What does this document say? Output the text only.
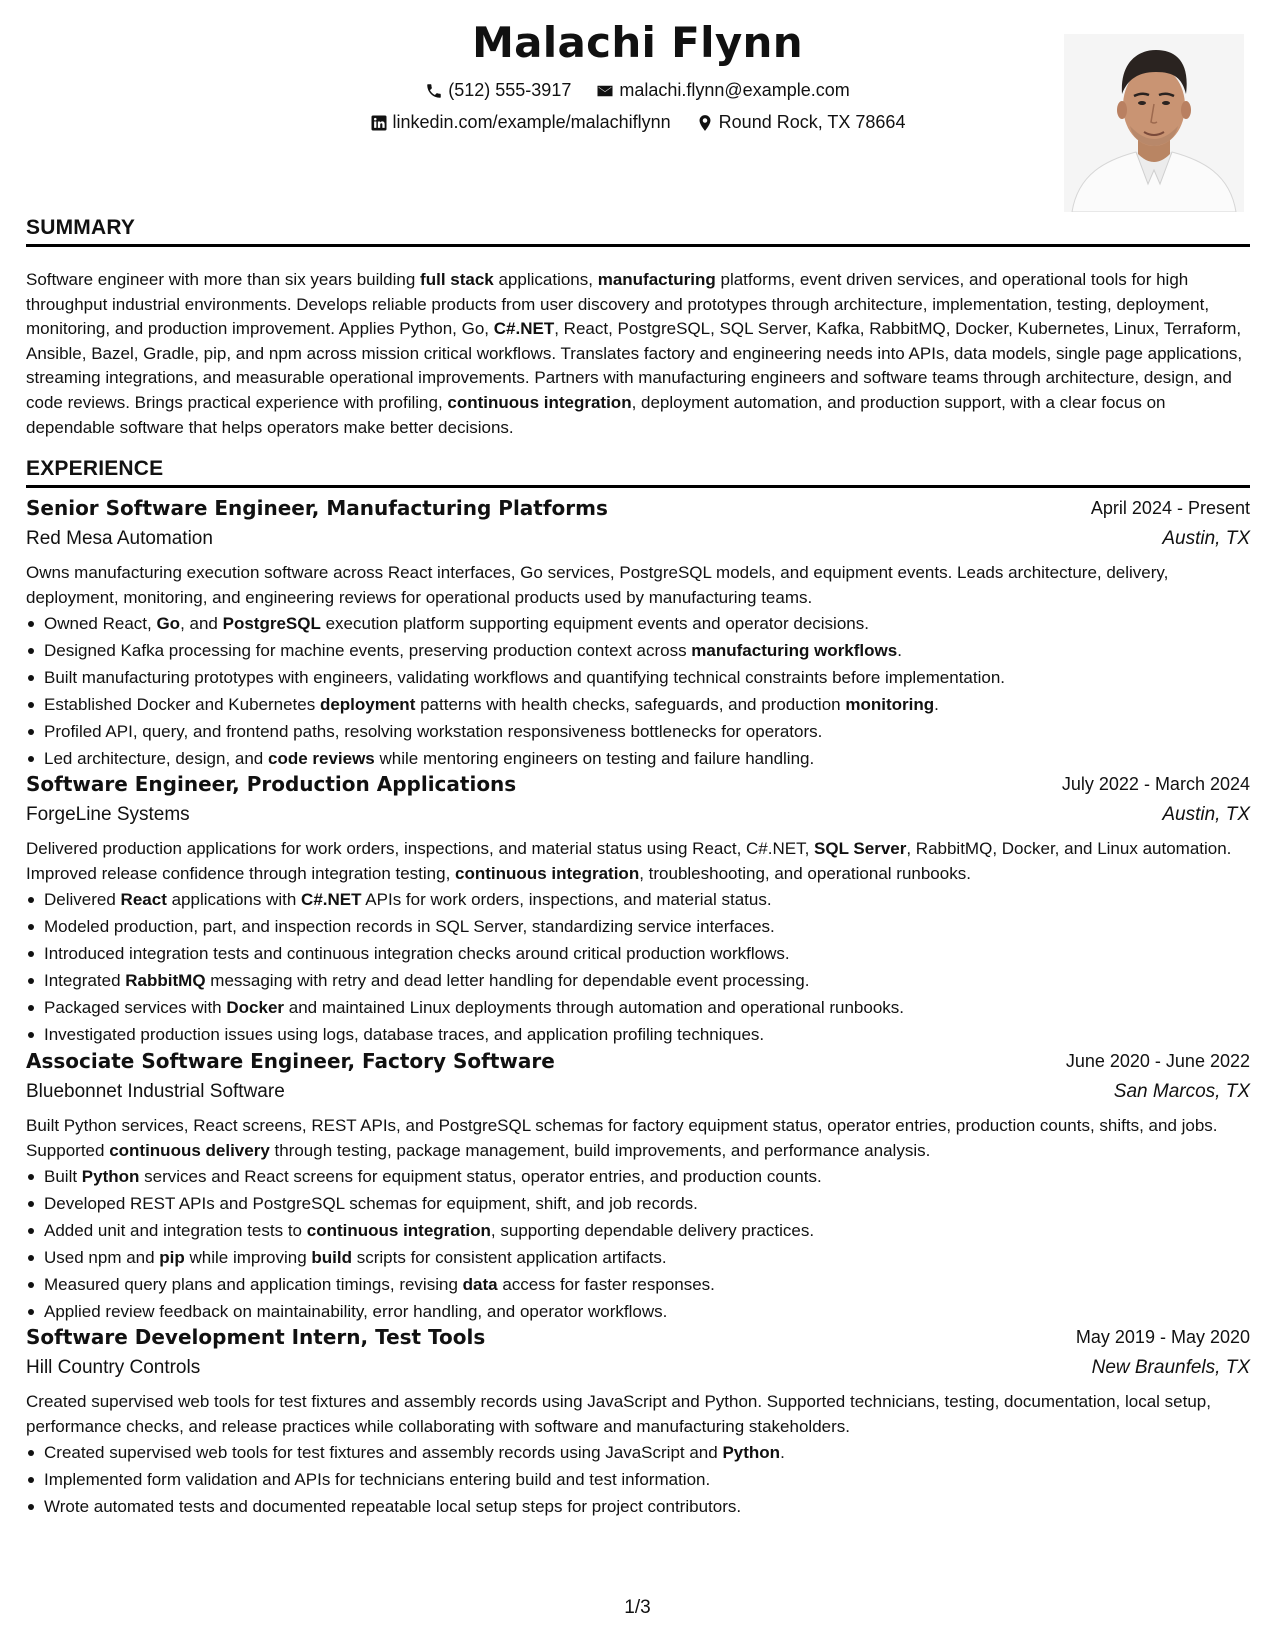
Malachi Flynn
(512) 555-3917
	malachi.flynn@example.com
linkedin.com/example/malachiflynn
	Round Rock, TX 78664
SUMMARY
Software engineer with more than six years building full stack applications, manufacturing platforms, event driven services, and operational tools for high throughput industrial environments. Develops reliable products from user discovery and prototypes through architecture, implementation, testing, deployment, monitoring, and production improvement. Applies Python, Go, C#.NET, React, PostgreSQL, SQL Server, Kafka, RabbitMQ, Docker, Kubernetes, Linux, Terraform, Ansible, Bazel, Gradle, pip, and npm across mission critical workflows. Translates factory and engineering needs into APIs, data models, single page applications, streaming integrations, and measurable operational improvements. Partners with manufacturing engineers and software teams through architecture, design, and code reviews. Brings practical experience with profiling, continuous integration, deployment automation, and production support, with a clear focus on dependable software that helps operators make better decisions.
EXPERIENCE
Senior Software Engineer, Manufacturing Platforms	April 2024 - Present
Red Mesa Automation	Austin, TX
Owns manufacturing execution software across React interfaces, Go services, PostgreSQL models, and equipment events. Leads architecture, delivery, deployment, monitoring, and engineering reviews for operational products used by manufacturing teams.
Owned React, Go, and PostgreSQL execution platform supporting equipment events and operator decisions.
Designed Kafka processing for machine events, preserving production context across manufacturing workflows.
Built manufacturing prototypes with engineers, validating workflows and quantifying technical constraints before implementation.
Established Docker and Kubernetes deployment patterns with health checks, safeguards, and production monitoring.
Profiled API, query, and frontend paths, resolving workstation responsiveness bottlenecks for operators.
Led architecture, design, and code reviews while mentoring engineers on testing and failure handling.
Software Engineer, Production Applications	July 2022 - March 2024
ForgeLine Systems	Austin, TX
Delivered production applications for work orders, inspections, and material status using React, C#.NET, SQL Server, RabbitMQ, Docker, and Linux automation. Improved release confidence through integration testing, continuous integration, troubleshooting, and operational runbooks.
Delivered React applications with C#.NET APIs for work orders, inspections, and material status.
Modeled production, part, and inspection records in SQL Server, standardizing service interfaces.
Introduced integration tests and continuous integration checks around critical production workflows.
Integrated RabbitMQ messaging with retry and dead letter handling for dependable event processing.
Packaged services with Docker and maintained Linux deployments through automation and operational runbooks.
Investigated production issues using logs, database traces, and application profiling techniques.
Associate Software Engineer, Factory Software	June 2020 - June 2022
Bluebonnet Industrial Software	San Marcos, TX
Built Python services, React screens, REST APIs, and PostgreSQL schemas for factory equipment status, operator entries, production counts, shifts, and jobs. Supported continuous delivery through testing, package management, build improvements, and performance analysis.
Built Python services and React screens for equipment status, operator entries, and production counts.
Developed REST APIs and PostgreSQL schemas for equipment, shift, and job records.
Added unit and integration tests to continuous integration, supporting dependable delivery practices.
Used npm and pip while improving build scripts for consistent application artifacts.
Measured query plans and application timings, revising data access for faster responses.
Applied review feedback on maintainability, error handling, and operator workflows.
Software Development Intern, Test Tools	May 2019 - May 2020
Hill Country Controls	New Braunfels, TX
Created supervised web tools for test fixtures and assembly records using JavaScript and Python. Supported technicians, testing, documentation, local setup, performance checks, and release practices while collaborating with software and manufacturing stakeholders.
Created supervised web tools for test fixtures and assembly records using JavaScript and Python.
Implemented form validation and APIs for technicians entering build and test information.
Wrote automated tests and documented repeatable local setup steps for project contributors.
1/3
